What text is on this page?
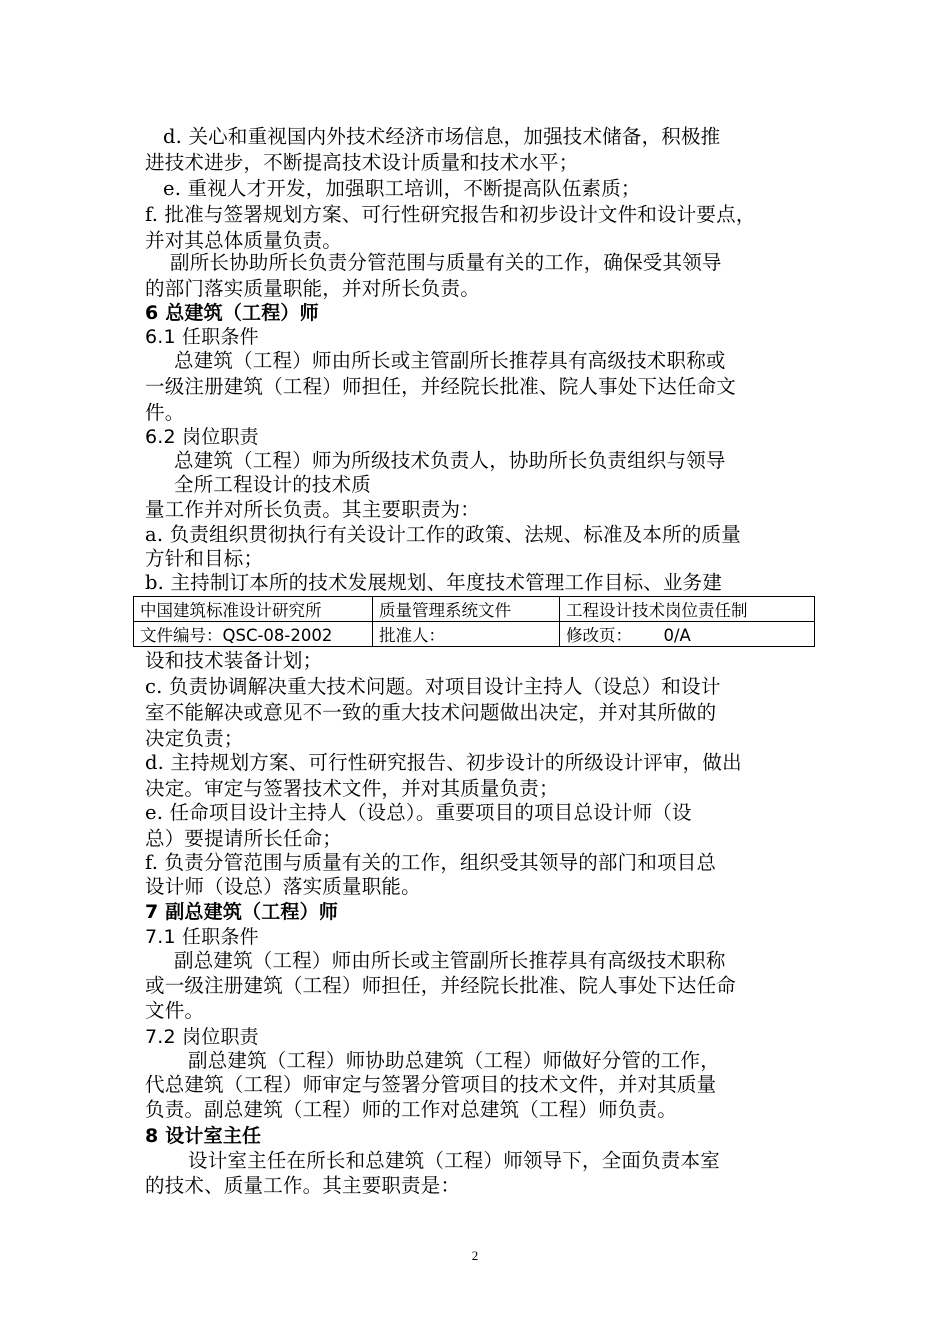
d. 关心和重视国内外技术经济市场信息，加强技术储备，积极推
进技术进步，不断提高技术设计质量和技术水平；
e. 重视人才开发，加强职工培训，不断提高队伍素质；
f. 批准与签署规划方案、可行性研究报告和初步设计文件和设计要点，
并对其总体质量负责。
副所长协助所长负责分管范围与质量有关的工作，确保受其领导
的部门落实质量职能，并对所长负责。
6 总建筑（工程）师
6.1 任职条件
总建筑（工程）师由所长或主管副所长推荐具有高级技术职称或
一级注册建筑（工程）师担任，并经院长批准、院人事处下达任命文
件。
6.2 岗位职责
总建筑（工程）师为所级技术负责人，协助所长负责组织与领导
全所工程设计的技术质
量工作并对所长负责。其主要职责为：
a. 负责组织贯彻执行有关设计工作的政策、法规、标准及本所的质量
方针和目标；
b. 主持制订本所的技术发展规划、年度技术管理工作目标、业务建
中国建筑标准设计研究所	质量管理系统文件	工程设计技术岗位责任制
文件编号：QSC-08-2002	批准人：	修改页：      0/A
设和技术装备计划；
c. 负责协调解决重大技术问题。对项目设计主持人（设总）和设计
室不能解决或意见不一致的重大技术问题做出决定，并对其所做的
决定负责；
d. 主持规划方案、可行性研究报告、初步设计的所级设计评审，做出
决定。审定与签署技术文件，并对其质量负责；
e. 任命项目设计主持人（设总）。重要项目的项目总设计师（设
总）要提请所长任命；
f. 负责分管范围与质量有关的工作，组织受其领导的部门和项目总
设计师（设总）落实质量职能。
7 副总建筑（工程）师
7.1 任职条件
副总建筑（工程）师由所长或主管副所长推荐具有高级技术职称
或一级注册建筑（工程）师担任，并经院长批准、院人事处下达任命
文件。
7.2 岗位职责
副总建筑（工程）师协助总建筑（工程）师做好分管的工作，
代总建筑（工程）师审定与签署分管项目的技术文件，并对其质量
负责。副总建筑（工程）师的工作对总建筑（工程）师负责。
8 设计室主任
设计室主任在所长和总建筑（工程）师领导下，全面负责本室
的技术、质量工作。其主要职责是：
2
